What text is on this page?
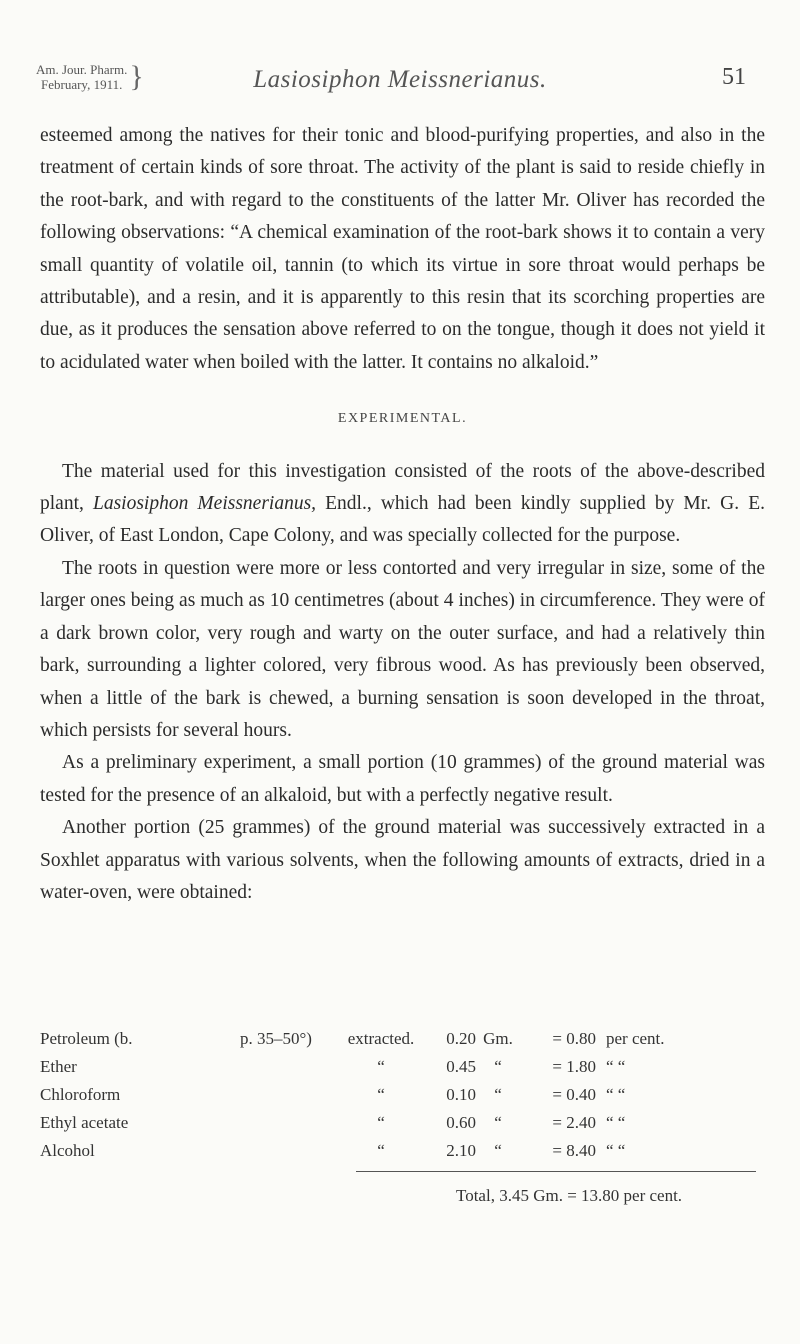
Am. Jour. Pharm.
February, 1911. }	Lasiosiphon Meissnerianus.	51

esteemed among the natives for their tonic and blood-purifying properties, and also in the treatment of certain kinds of sore throat. The activity of the plant is said to reside chiefly in the root-bark, and with regard to the constituents of the latter Mr. Oliver has recorded the following observations: “A chemical examination of the root-bark shows it to contain a very small quantity of volatile oil, tannin (to which its virtue in sore throat would perhaps be attributable), and a resin, and it is apparently to this resin that its scorching properties are due, as it produces the sensation above referred to on the tongue, though it does not yield it to acidulated water when boiled with the latter. It contains no alkaloid.”

EXPERIMENTAL.

The material used for this investigation consisted of the roots of the above-described plant, Lasiosiphon Meissnerianus, Endl., which had been kindly supplied by Mr. G. E. Oliver, of East London, Cape Colony, and was specially collected for the purpose.

The roots in question were more or less contorted and very irregular in size, some of the larger ones being as much as 10 centimetres (about 4 inches) in circumference. They were of a dark brown color, very rough and warty on the outer surface, and had a relatively thin bark, surrounding a lighter colored, very fibrous wood. As has previously been observed, when a little of the bark is chewed, a burning sensation is soon developed in the throat, which persists for several hours.

As a preliminary experiment, a small portion (10 grammes) of the ground material was tested for the presence of an alkaloid, but with a perfectly negative result.

Another portion (25 grammes) of the ground material was successively extracted in a Soxhlet apparatus with various solvents, when the following amounts of extracts, dried in a water-oven, were obtained:

Petroleum (b.	p. 35–50°)	extracted.	0.20 Gm.	= 0.80 per cent.
Ether	“	0.45	“	= 1.80 “ “
Chloroform	“	0.10	“	= 0.40 “ “
Ethyl acetate	“	0.60	“	= 2.40 “ “
Alcohol	“	2.10	“	= 8.40 “ “
Total, 3.45 Gm. = 13.80 per cent.
